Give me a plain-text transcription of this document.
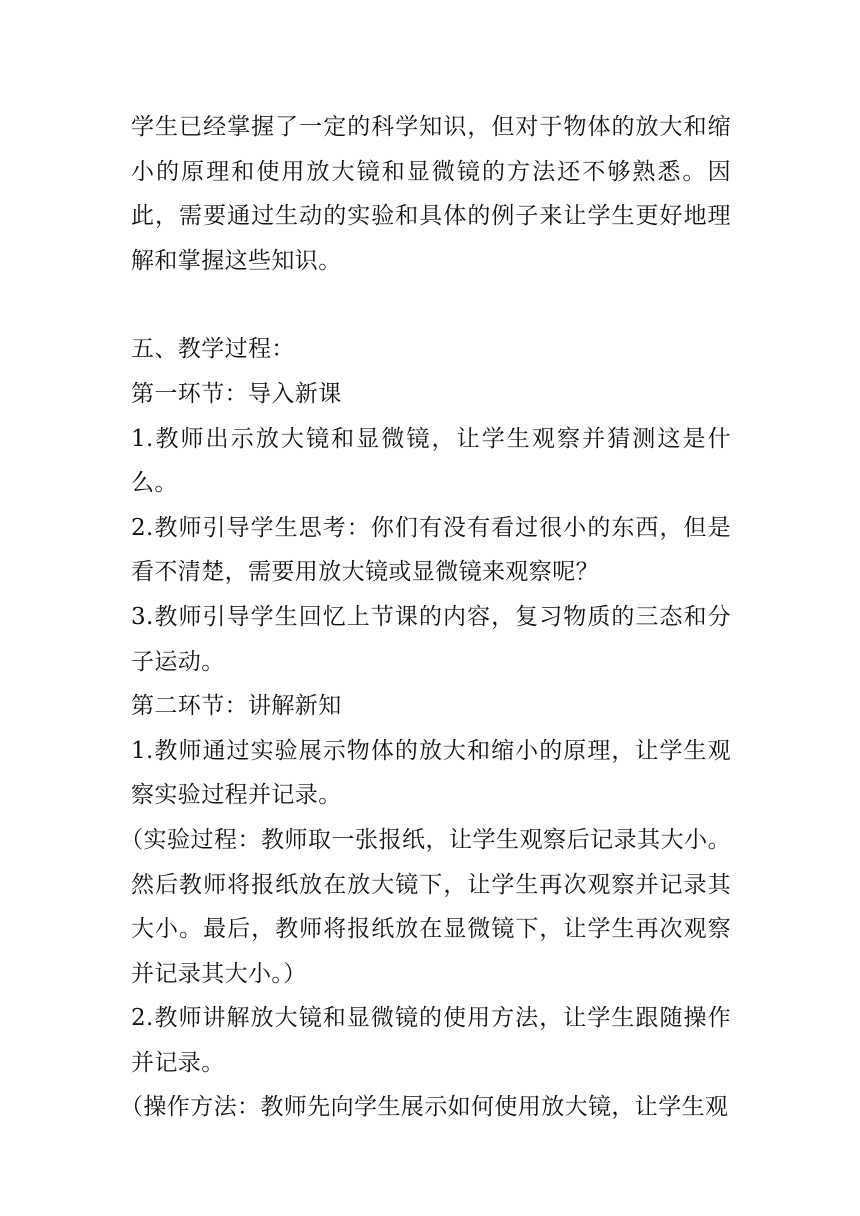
学生已经掌握了一定的科学知识，但对于物体的放大和缩小的原理和使用放大镜和显微镜的方法还不够熟悉。因此，需要通过生动的实验和具体的例子来让学生更好地理解和掌握这些知识。

五、教学过程：

第一环节：导入新课

1.教师出示放大镜和显微镜，让学生观察并猜测这是什么。

2.教师引导学生思考：你们有没有看过很小的东西，但是看不清楚，需要用放大镜或显微镜来观察呢？

3.教师引导学生回忆上节课的内容，复习物质的三态和分子运动。

第二环节：讲解新知

1.教师通过实验展示物体的放大和缩小的原理，让学生观察实验过程并记录。

（实验过程：教师取一张报纸，让学生观察后记录其大小。然后教师将报纸放在放大镜下，让学生再次观察并记录其大小。最后，教师将报纸放在显微镜下，让学生再次观察并记录其大小。）

2.教师讲解放大镜和显微镜的使用方法，让学生跟随操作并记录。

（操作方法：教师先向学生展示如何使用放大镜，让学生观
